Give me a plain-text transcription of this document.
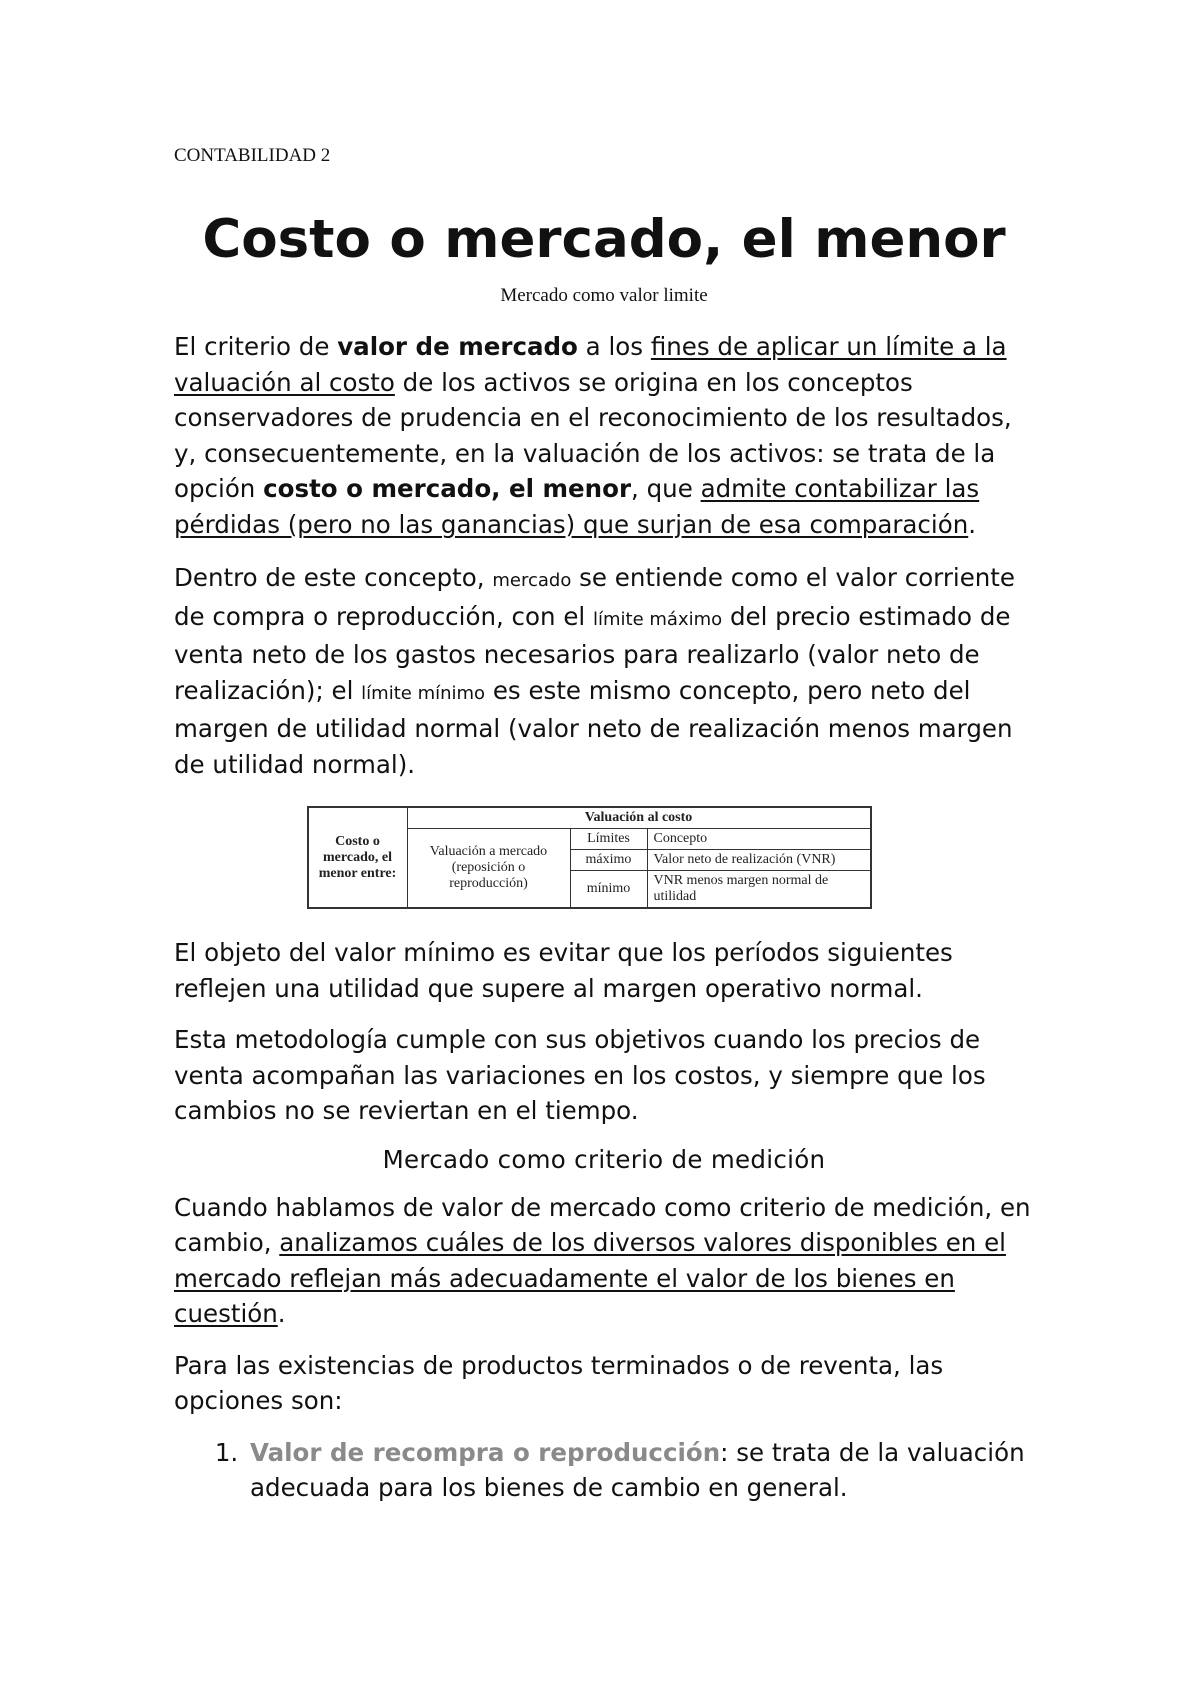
CONTABILIDAD 2

Costo o mercado, el menor
Mercado como valor limite

El criterio de valor de mercado a los fines de aplicar un límite a la valuación al costo de los activos se origina en los conceptos conservadores de prudencia en el reconocimiento de los resultados, y, consecuentemente, en la valuación de los activos: se trata de la opción costo o mercado, el menor, que admite contabilizar las pérdidas (pero no las ganancias) que surjan de esa comparación.

Dentro de este concepto, mercado se entiende como el valor corriente de compra o reproducción, con el límite máximo del precio estimado de venta neto de los gastos necesarios para realizarlo (valor neto de realización); el límite mínimo es este mismo concepto, pero neto del margen de utilidad normal (valor neto de realización menos margen de utilidad normal).

Costo o mercado, el menor entre:	Valuación al costo		
	Valuación a mercado (reposición o reproducción)	Límites	Concepto
		máximo	Valor neto de realización (VNR)
		mínimo	VNR menos margen normal de utilidad

El objeto del valor mínimo es evitar que los períodos siguientes reflejen una utilidad que supere al margen operativo normal.

Esta metodología cumple con sus objetivos cuando los precios de venta acompañan las variaciones en los costos, y siempre que los cambios no se reviertan en el tiempo.

Mercado como criterio de medición

Cuando hablamos de valor de mercado como criterio de medición, en cambio, analizamos cuáles de los diversos valores disponibles en el mercado reflejan más adecuadamente el valor de los bienes en cuestión.

Para las existencias de productos terminados o de reventa, las opciones son:

1. Valor de recompra o reproducción: se trata de la valuación adecuada para los bienes de cambio en general.
